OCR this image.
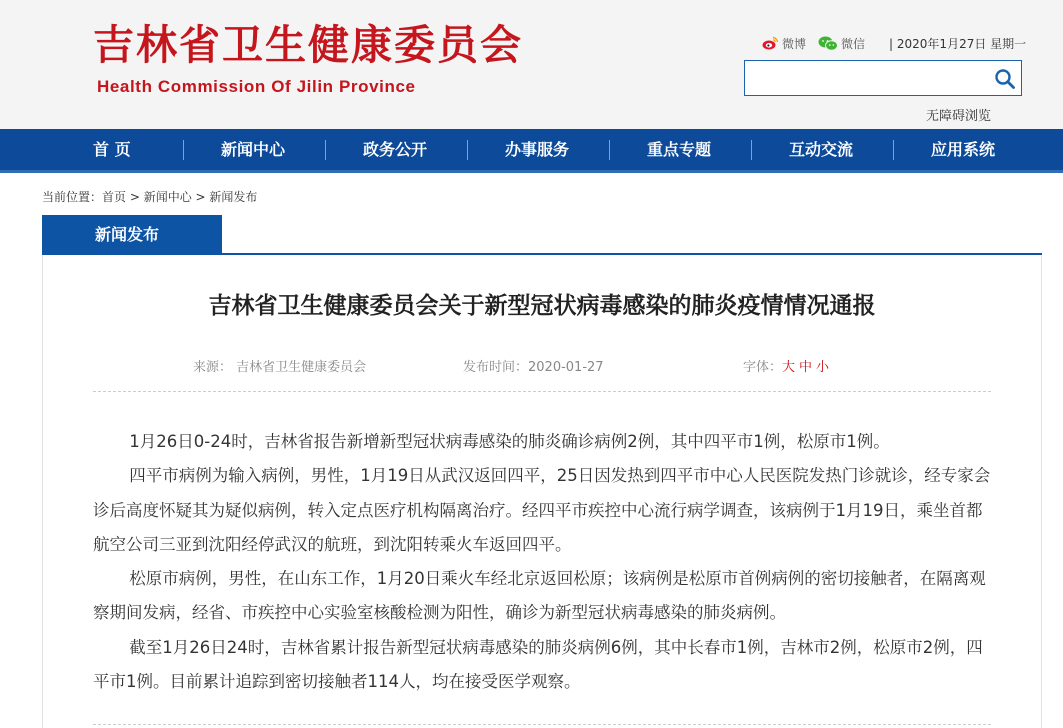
吉林省卫生健康委员会
Health Commission Of Jilin Province
微博	微信 | 2020年1月27日 星期一
无障碍浏览
首 页	新闻中心	政务公开	办事服务	重点专题	互动交流	应用系统
当前位置：首页 > 新闻中心 > 新闻发布
新闻发布
吉林省卫生健康委员会关于新型冠状病毒感染的肺炎疫情情况通报
来源： 吉林省卫生健康委员会	发布时间：2020-01-27	字体：大 中 小

1月26日0-24时，吉林省报告新增新型冠状病毒感染的肺炎确诊病例2例，其中四平市1例，松原市1例。

四平市病例为输入病例，男性，1月19日从武汉返回四平，25日因发热到四平市中心人民医院发热门诊就诊，经专家会诊后高度怀疑其为疑似病例，转入定点医疗机构隔离治疗。经四平市疾控中心流行病学调查，该病例于1月19日，乘坐首都航空公司三亚到沈阳经停武汉的航班，到沈阳转乘火车返回四平。

松原市病例，男性，在山东工作，1月20日乘火车经北京返回松原；该病例是松原市首例病例的密切接触者，在隔离观察期间发病，经省、市疾控中心实验室核酸检测为阳性，确诊为新型冠状病毒感染的肺炎病例。

截至1月26日24时，吉林省累计报告新型冠状病毒感染的肺炎病例6例，其中长春市1例，吉林市2例，松原市2例，四平市1例。目前累计追踪到密切接触者114人，均在接受医学观察。
